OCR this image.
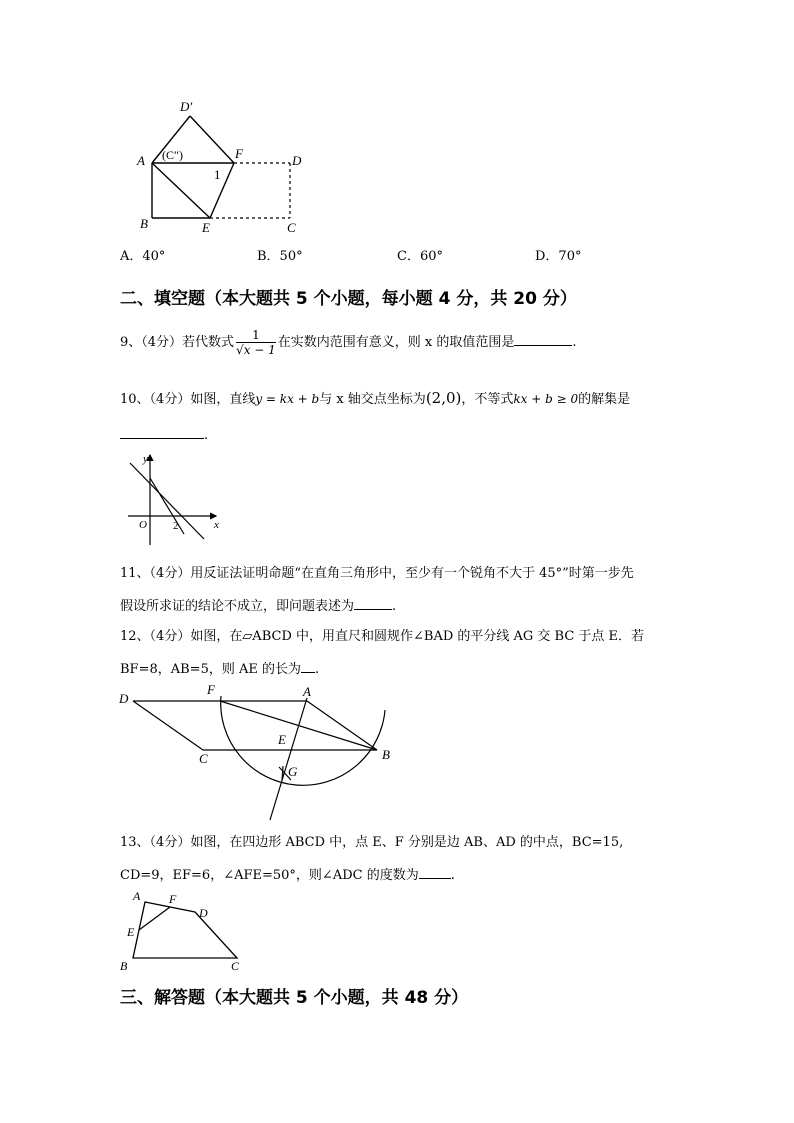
D′
A (C″)	F
1
D
B	E	C
A．40°	B．50°	C．60°	D．70°
二、填空题（本大题共 5 个小题，每小题 4 分，共 20 分）
9、（4分）若代数式 $\frac{1}{√x - 1}$ 在实数内范围有意义，则 x 的取值范围是	.
10、（4分）如图，直线y = kx + b与 x 轴交点坐标为(2,0)，不等式kx + b ≥ 0的解集是
.
y
O 2	x
11、（4分）用反证法证明命题“在直角三角形中，至少有一个锐角不大于 45°”时第一步先
假设所求证的结论不成立，即问题表述为	.
12、（4分）如图，在▱ABCD 中，用直尺和圆规作∠BAD 的平分线 AG 交 BC 于点 E．若
BF=8，AB=5，则 AE 的长为 .
D
F	A
E
C	B
G
13、（4分）如图，在四边形 ABCD 中，点 E、F 分别是边 AB、AD 的中点，BC=15,
CD=9，EF=6，∠AFE=50°，则∠ADC 的度数为 .
A F
D
E
B	C
三、解答题（本大题共 5 个小题，共 48 分）
